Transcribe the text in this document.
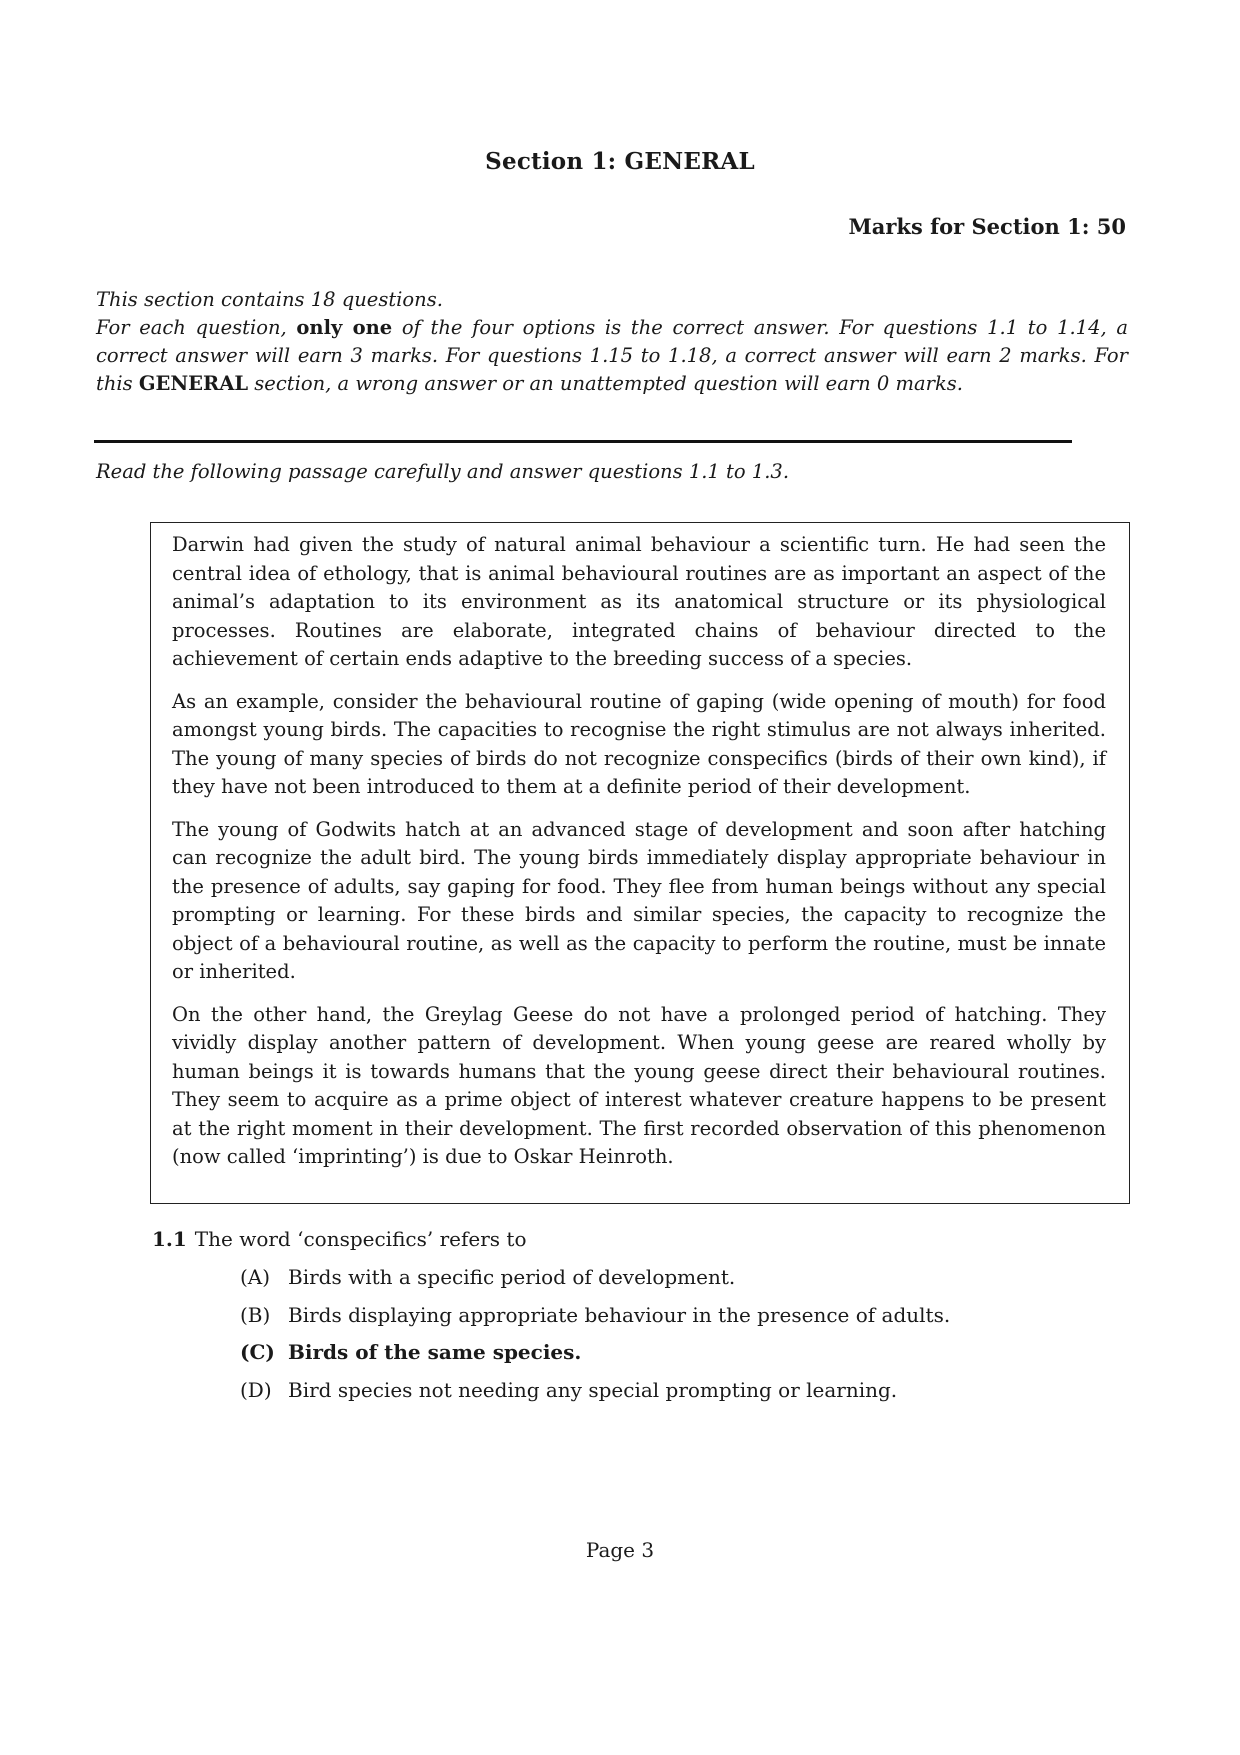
Section 1: GENERAL
Marks for Section 1: 50
This section contains 18 questions.
For each question, only one of the four options is the correct answer. For questions 1.1 to 1.14, a correct answer will earn 3 marks. For questions 1.15 to 1.18, a correct answer will earn 2 marks. For this GENERAL section, a wrong answer or an unattempted question will earn 0 marks.
Read the following passage carefully and answer questions 1.1 to 1.3.

Darwin had given the study of natural animal behaviour a scientific turn. He had seen the central idea of ethology, that is animal behavioural routines are as important an aspect of the animal’s adaptation to its environment as its anatomical structure or its physiological processes. Routines are elaborate, integrated chains of behaviour directed to the achievement of certain ends adaptive to the breeding success of a species.

As an example, consider the behavioural routine of gaping (wide opening of mouth) for food amongst young birds. The capacities to recognise the right stimulus are not always inherited. The young of many species of birds do not recognize conspecifics (birds of their own kind), if they have not been introduced to them at a definite period of their development.

The young of Godwits hatch at an advanced stage of development and soon after hatching can recognize the adult bird. The young birds immediately display appropriate behaviour in the presence of adults, say gaping for food. They flee from human beings without any special prompting or learning. For these birds and similar species, the capacity to recognize the object of a behavioural routine, as well as the capacity to perform the routine, must be innate or inherited.

On the other hand, the Greylag Geese do not have a prolonged period of hatching. They vividly display another pattern of development. When young geese are reared wholly by human beings it is towards humans that the young geese direct their behavioural routines. They seem to acquire as a prime object of interest whatever creature happens to be present at the right moment in their development. The first recorded observation of this phenomenon (now called ‘imprinting’) is due to Oskar Heinroth.

1.1 The word ‘conspecifics’ refers to
(A) Birds with a specific period of development.
(B) Birds displaying appropriate behaviour in the presence of adults.
(C) Birds of the same species.
(D) Bird species not needing any special prompting or learning.
Page 3
